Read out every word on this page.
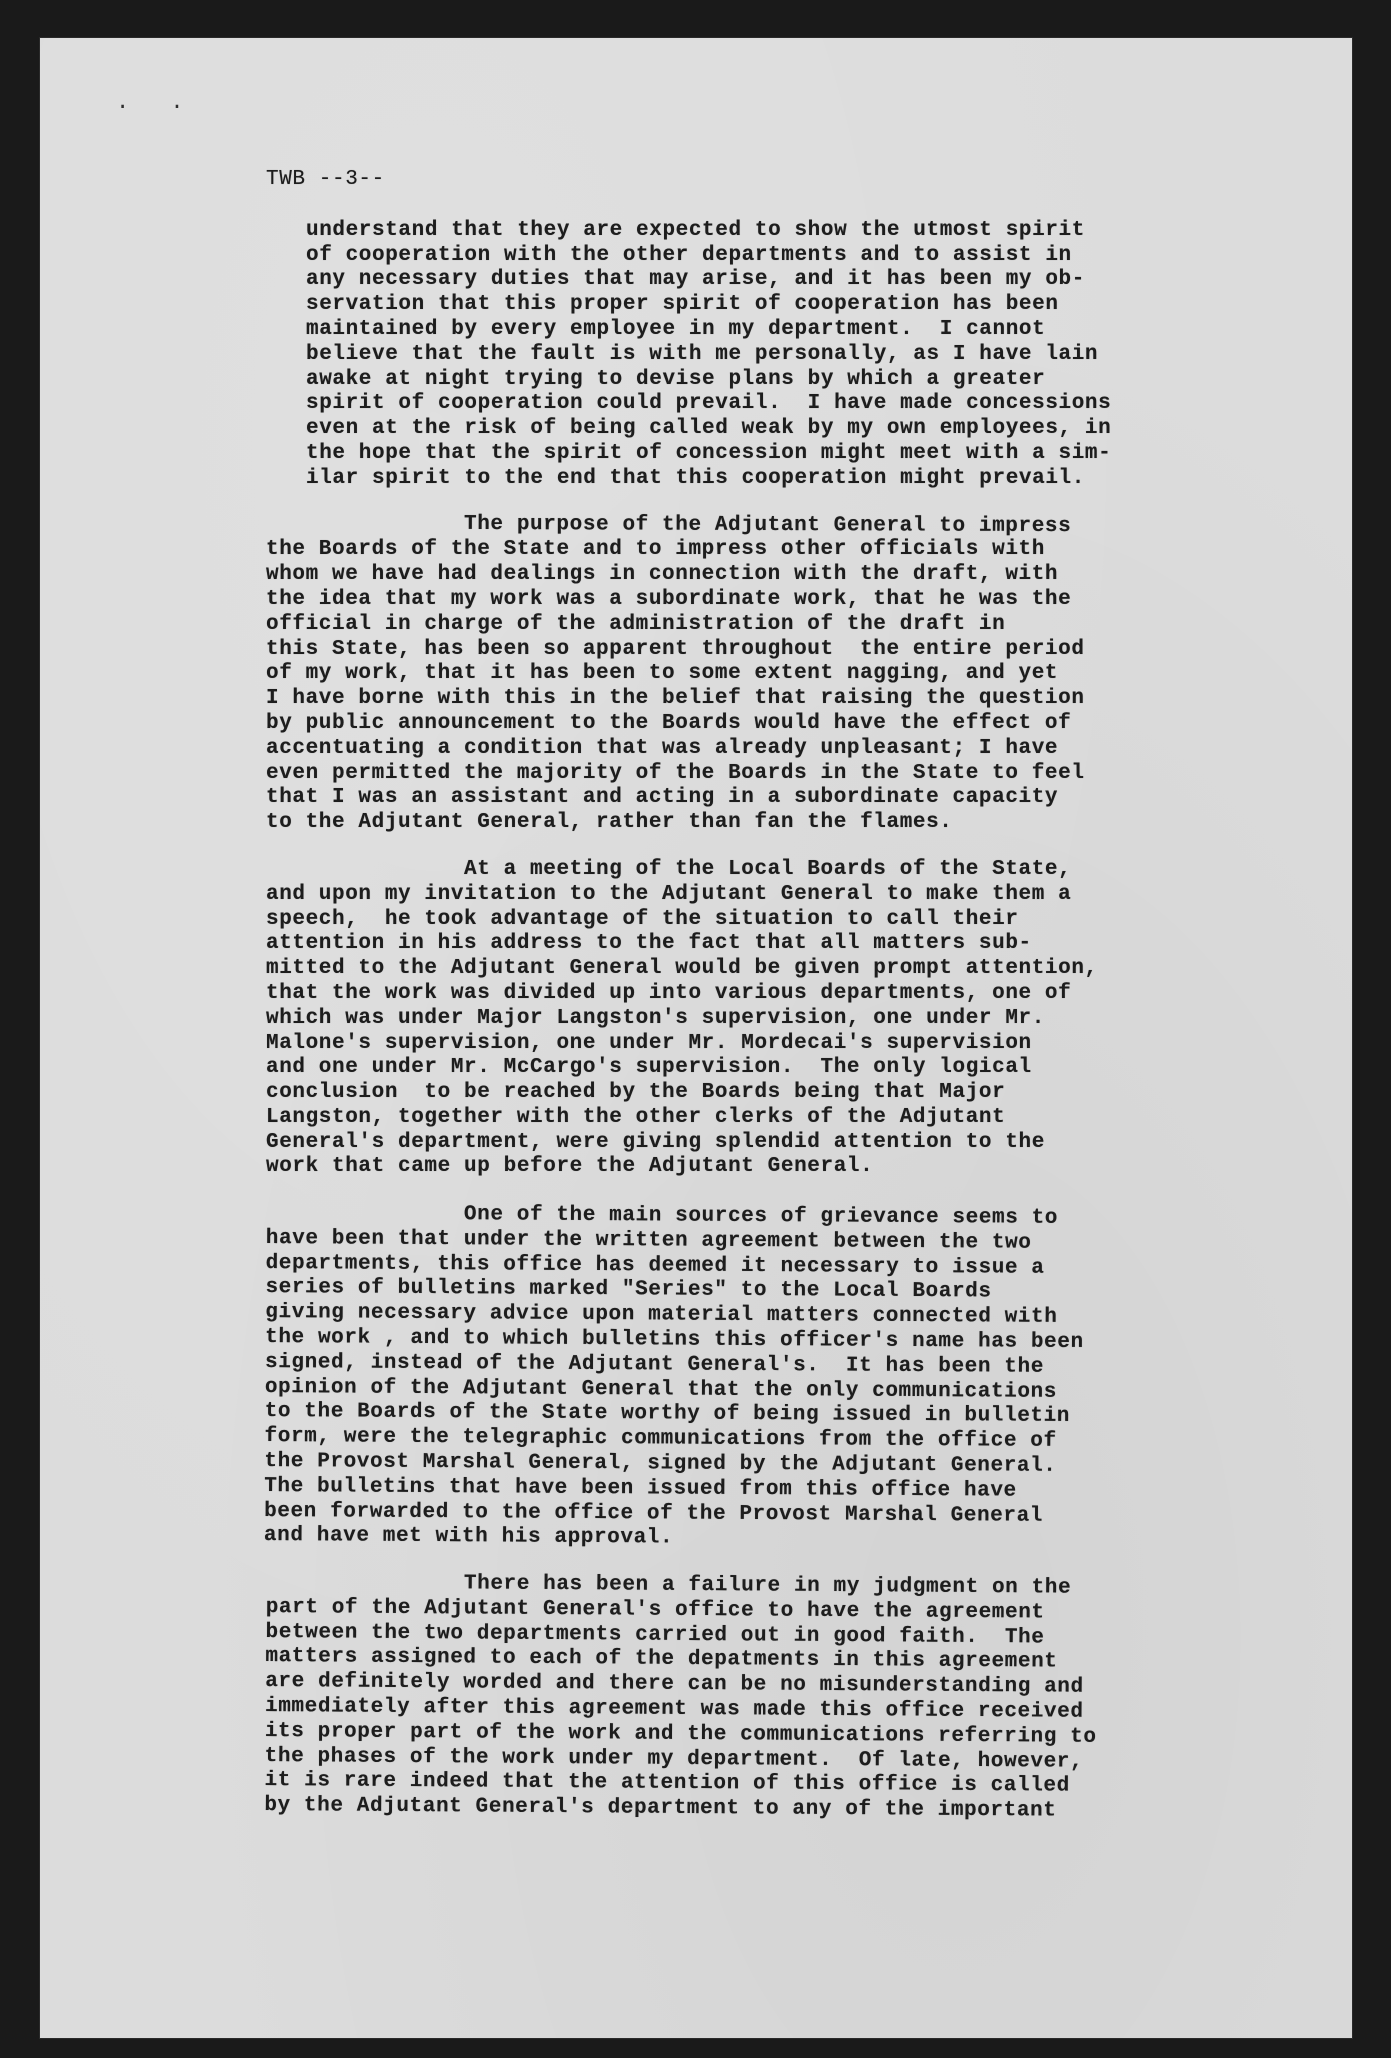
. .
TWB --3--
understand that they are expected to show the utmost spirit
of cooperation with the other departments and to assist in
any necessary duties that may arise, and it has been my ob-
servation that this proper spirit of cooperation has been
maintained by every employee in my department.  I cannot
believe that the fault is with me personally, as I have lain
awake at night trying to devise plans by which a greater
spirit of cooperation could prevail.  I have made concessions
even at the risk of being called weak by my own employees, in
the hope that the spirit of concession might meet with a sim-
ilar spirit to the end that this cooperation might prevail.
The purpose of the Adjutant General to impress
the Boards of the State and to impress other officials with
whom we have had dealings in connection with the draft, with
the idea that my work was a subordinate work, that he was the
official in charge of the administration of the draft in
this State, has been so apparent throughout  the entire period
of my work, that it has been to some extent nagging, and yet
I have borne with this in the belief that raising the question
by public announcement to the Boards would have the effect of
accentuating a condition that was already unpleasant; I have
even permitted the majority of the Boards in the State to feel
that I was an assistant and acting in a subordinate capacity
to the Adjutant General, rather than fan the flames.
At a meeting of the Local Boards of the State,
and upon my invitation to the Adjutant General to make them a
speech,  he took advantage of the situation to call their
attention in his address to the fact that all matters sub-
mitted to the Adjutant General would be given prompt attention,
that the work was divided up into various departments, one of
which was under Major Langston's supervision, one under Mr.
Malone's supervision, one under Mr. Mordecai's supervision
and one under Mr. McCargo's supervision.  The only logical
conclusion  to be reached by the Boards being that Major
Langston, together with the other clerks of the Adjutant
General's department, were giving splendid attention to the
work that came up before the Adjutant General.
One of the main sources of grievance seems to
have been that under the written agreement between the two
departments, this office has deemed it necessary to issue a
series of bulletins marked "Series" to the Local Boards
giving necessary advice upon material matters connected with
the work , and to which bulletins this officer's name has been
signed, instead of the Adjutant General's.  It has been the
opinion of the Adjutant General that the only communications
to the Boards of the State worthy of being issued in bulletin
form, were the telegraphic communications from the office of
the Provost Marshal General, signed by the Adjutant General.
The bulletins that have been issued from this office have
been forwarded to the office of the Provost Marshal General
and have met with his approval.
There has been a failure in my judgment on the
part of the Adjutant General's office to have the agreement
between the two departments carried out in good faith.  The
matters assigned to each of the depatments in this agreement
are definitely worded and there can be no misunderstanding and
immediately after this agreement was made this office received
its proper part of the work and the communications referring to
the phases of the work under my department.  Of late, however,
it is rare indeed that the attention of this office is called
by the Adjutant General's department to any of the important
